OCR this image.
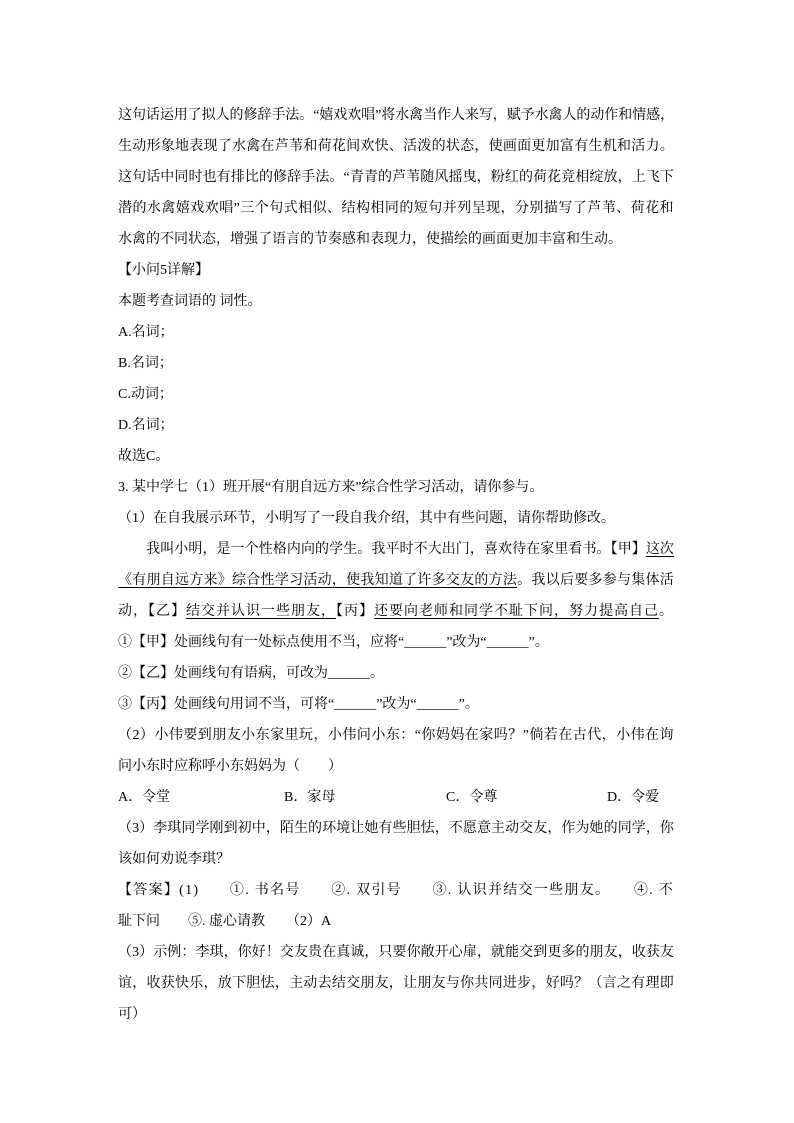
这句话运用了拟人的修辞手法。“嬉戏欢唱”将水禽当作人来写，赋予水禽人的动作和情感，
生动形象地表现了水禽在芦苇和荷花间欢快、活泼的状态，使画面更加富有生机和活力。
这句话中同时也有排比的修辞手法。“青青的芦苇随风摇曳，粉红的荷花竞相绽放，上飞下
潜的水禽嬉戏欢唱”三个句式相似、结构相同的短句并列呈现，分别描写了芦苇、荷花和
水禽的不同状态，增强了语言的节奏感和表现力，使描绘的画面更加丰富和生动。
【小问5详解】
本题考查词语的 词性。
A.名词；
B.名词；
C.动词；
D.名词；
故选C。
3. 某中学七（1）班开展“有朋自远方来”综合性学习活动，请你参与。
（1）在自我展示环节，小明写了一段自我介绍，其中有些问题，请你帮助修改。
　　我叫小明，是一个性格内向的学生。我平时不大出门，喜欢待在家里看书。【甲】这次
《有朋自远方来》综合性学习活动，使我知道了许多交友的方法。我以后要多参与集体活
动，【乙】结交并认识一些朋友，【丙】还要向老师和同学不耻下问，努力提高自己。
①【甲】处画线句有一处标点使用不当，应将“______”改为“______”。
②【乙】处画线句有语病，可改为______。
③【丙】处画线句用词不当，可将“______”改为“______”。
（2）小伟要到朋友小东家里玩，小伟问小东：“你妈妈在家吗？”倘若在古代，小伟在询
问小东时应称呼小东妈妈为（　　）
A．令堂	B．家母	C．令尊	D．令爱
（3）李琪同学刚到初中，陌生的环境让她有些胆怯，不愿意主动交友，作为她的同学，你
该如何劝说李琪？
【答案】(1)　　①. 书名号　　②. 双引号　　③. 认识并结交一些朋友。　　④. 不
耻下问　　⑤. 虚心请教　　（2）A
（3）示例：李琪，你好！交友贵在真诚，只要你敞开心扉，就能交到更多的朋友，收获友
谊，收获快乐，放下胆怯，主动去结交朋友，让朋友与你共同进步，好吗？（言之有理即
可）
